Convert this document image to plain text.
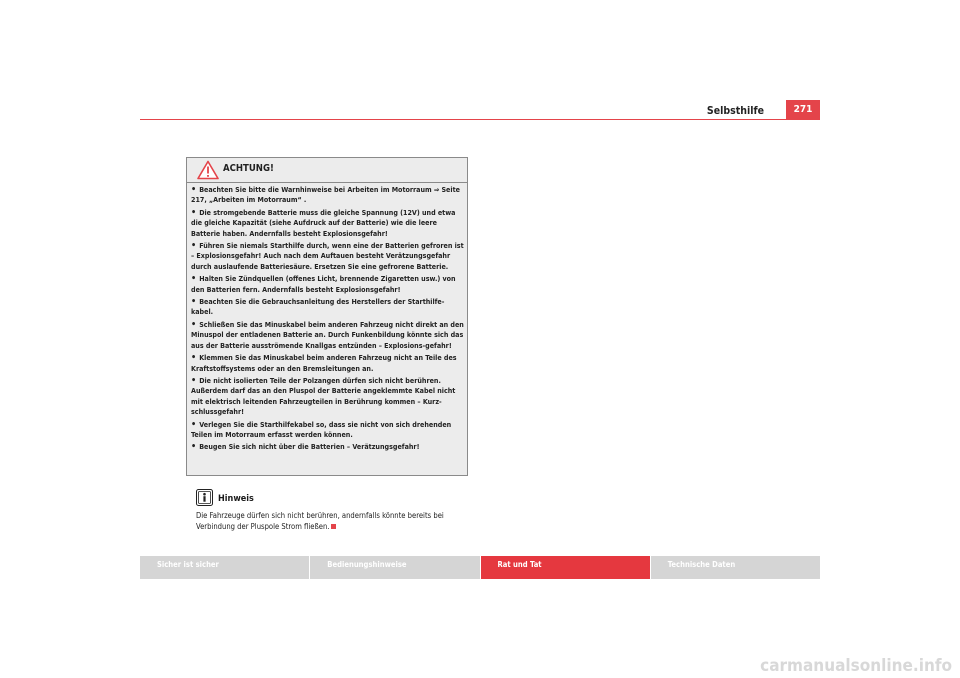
Selbsthilfe	271
ACHTUNG!
• Beachten Sie bitte die Warnhinweise bei Arbeiten im Motorraum ⇒ Seite 217, „Arbeiten im Motorraum“ .
• Die stromgebende Batterie muss die gleiche Spannung (12V) und etwa die gleiche Kapazität (siehe Aufdruck auf der Batterie) wie die leere Batterie haben. Andernfalls besteht Explosionsgefahr!
• Führen Sie niemals Starthilfe durch, wenn eine der Batterien gefroren ist – Explosionsgefahr! Auch nach dem Auftauen besteht Verätzungsgefahr durch auslaufende Batteriesäure. Ersetzen Sie eine gefrorene Batterie.
• Halten Sie Zündquellen (offenes Licht, brennende Zigaretten usw.) von den Batterien fern. Andernfalls besteht Explosionsgefahr!
• Beachten Sie die Gebrauchsanleitung des Herstellers der Starthilfe-kabel.
• Schließen Sie das Minuskabel beim anderen Fahrzeug nicht direkt an den Minuspol der entladenen Batterie an. Durch Funkenbildung könnte sich das aus der Batterie ausströmende Knallgas entzünden – Explosions-gefahr!
• Klemmen Sie das Minuskabel beim anderen Fahrzeug nicht an Teile des Kraftstoffsystems oder an den Bremsleitungen an.
• Die nicht isolierten Teile der Polzangen dürfen sich nicht berühren. Außerdem darf das an den Pluspol der Batterie angeklemmte Kabel nicht mit elektrisch leitenden Fahrzeugteilen in Berührung kommen – Kurz-schlussgefahr!
• Verlegen Sie die Starthilfekabel so, dass sie nicht von sich drehenden Teilen im Motorraum erfasst werden können.
• Beugen Sie sich nicht über die Batterien – Verätzungsgefahr!
Hinweis
Die Fahrzeuge dürfen sich nicht berühren, andernfalls könnte bereits bei Verbindung der Pluspole Strom fließen.
Sicher ist sicher	Bedienungshinweise	Rat und Tat	Technische Daten
carmanualsonline.info
